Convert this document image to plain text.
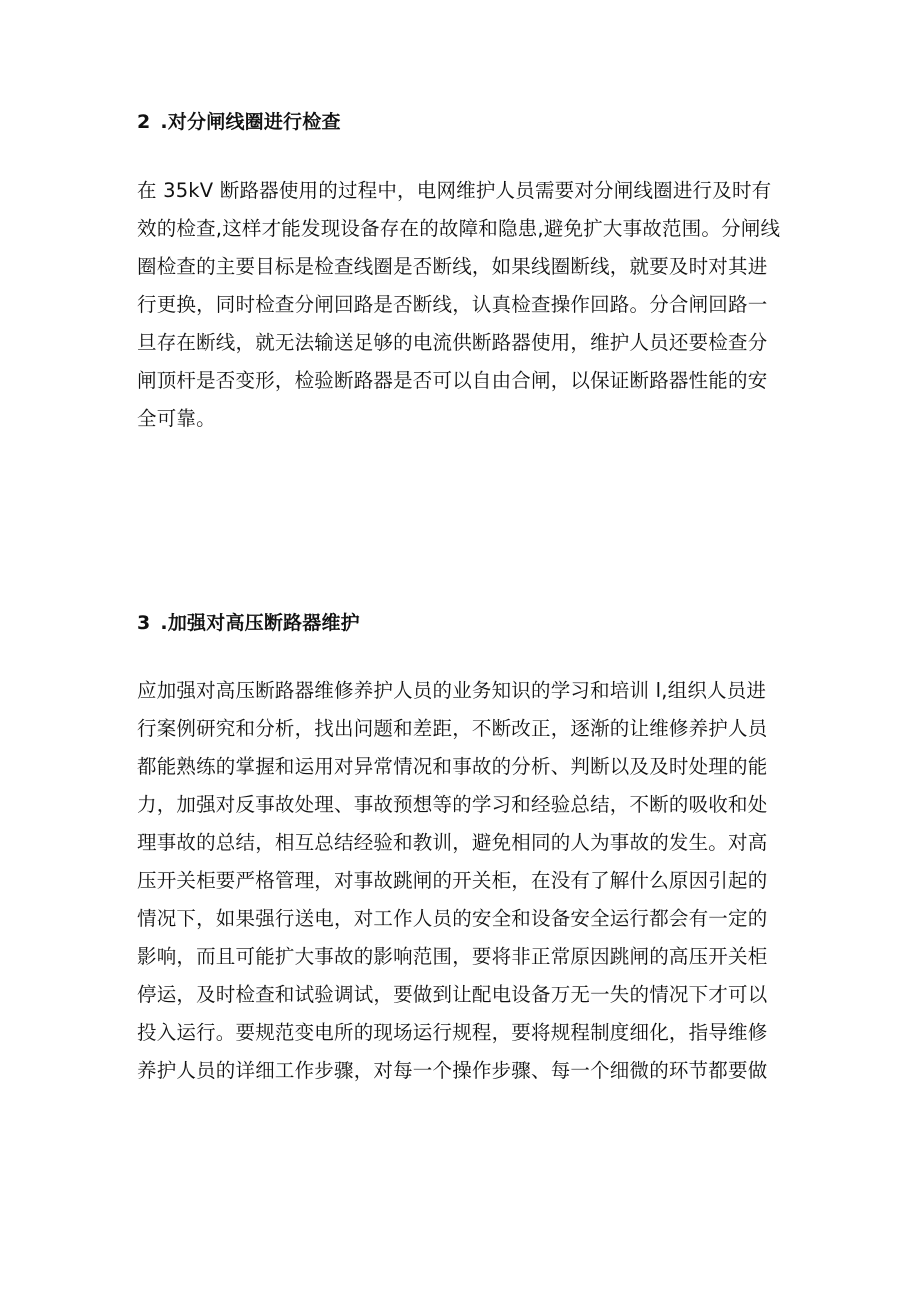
2 .对分闸线圈进行检查
在 35kV 断路器使用的过程中，电网维护人员需要对分闸线圈进行及时有
效的检查,这样才能发现设备存在的故障和隐患,避免扩大事故范围。分闸线
圈检查的主要目标是检查线圈是否断线，如果线圈断线，就要及时对其进
行更换，同时检查分闸回路是否断线，认真检查操作回路。分合闸回路一
旦存在断线，就无法输送足够的电流供断路器使用，维护人员还要检查分
闸顶杆是否变形，检验断路器是否可以自由合闸，以保证断路器性能的安
全可靠。
3 .加强对高压断路器维护
应加强对高压断路器维修养护人员的业务知识的学习和培训 l,组织人员进
行案例研究和分析，找出问题和差距，不断改正，逐渐的让维修养护人员
都能熟练的掌握和运用对异常情况和事故的分析、判断以及及时处理的能
力，加强对反事故处理、事故预想等的学习和经验总结，不断的吸收和处
理事故的总结，相互总结经验和教训，避免相同的人为事故的发生。对高
压开关柜要严格管理，对事故跳闸的开关柜，在没有了解什么原因引起的
情况下，如果强行送电，对工作人员的安全和设备安全运行都会有一定的
影响，而且可能扩大事故的影响范围，要将非正常原因跳闸的高压开关柜
停运，及时检查和试验调试，要做到让配电设备万无一失的情况下才可以
投入运行。要规范变电所的现场运行规程，要将规程制度细化，指导维修
养护人员的详细工作步骤，对每一个操作步骤、每一个细微的环节都要做
